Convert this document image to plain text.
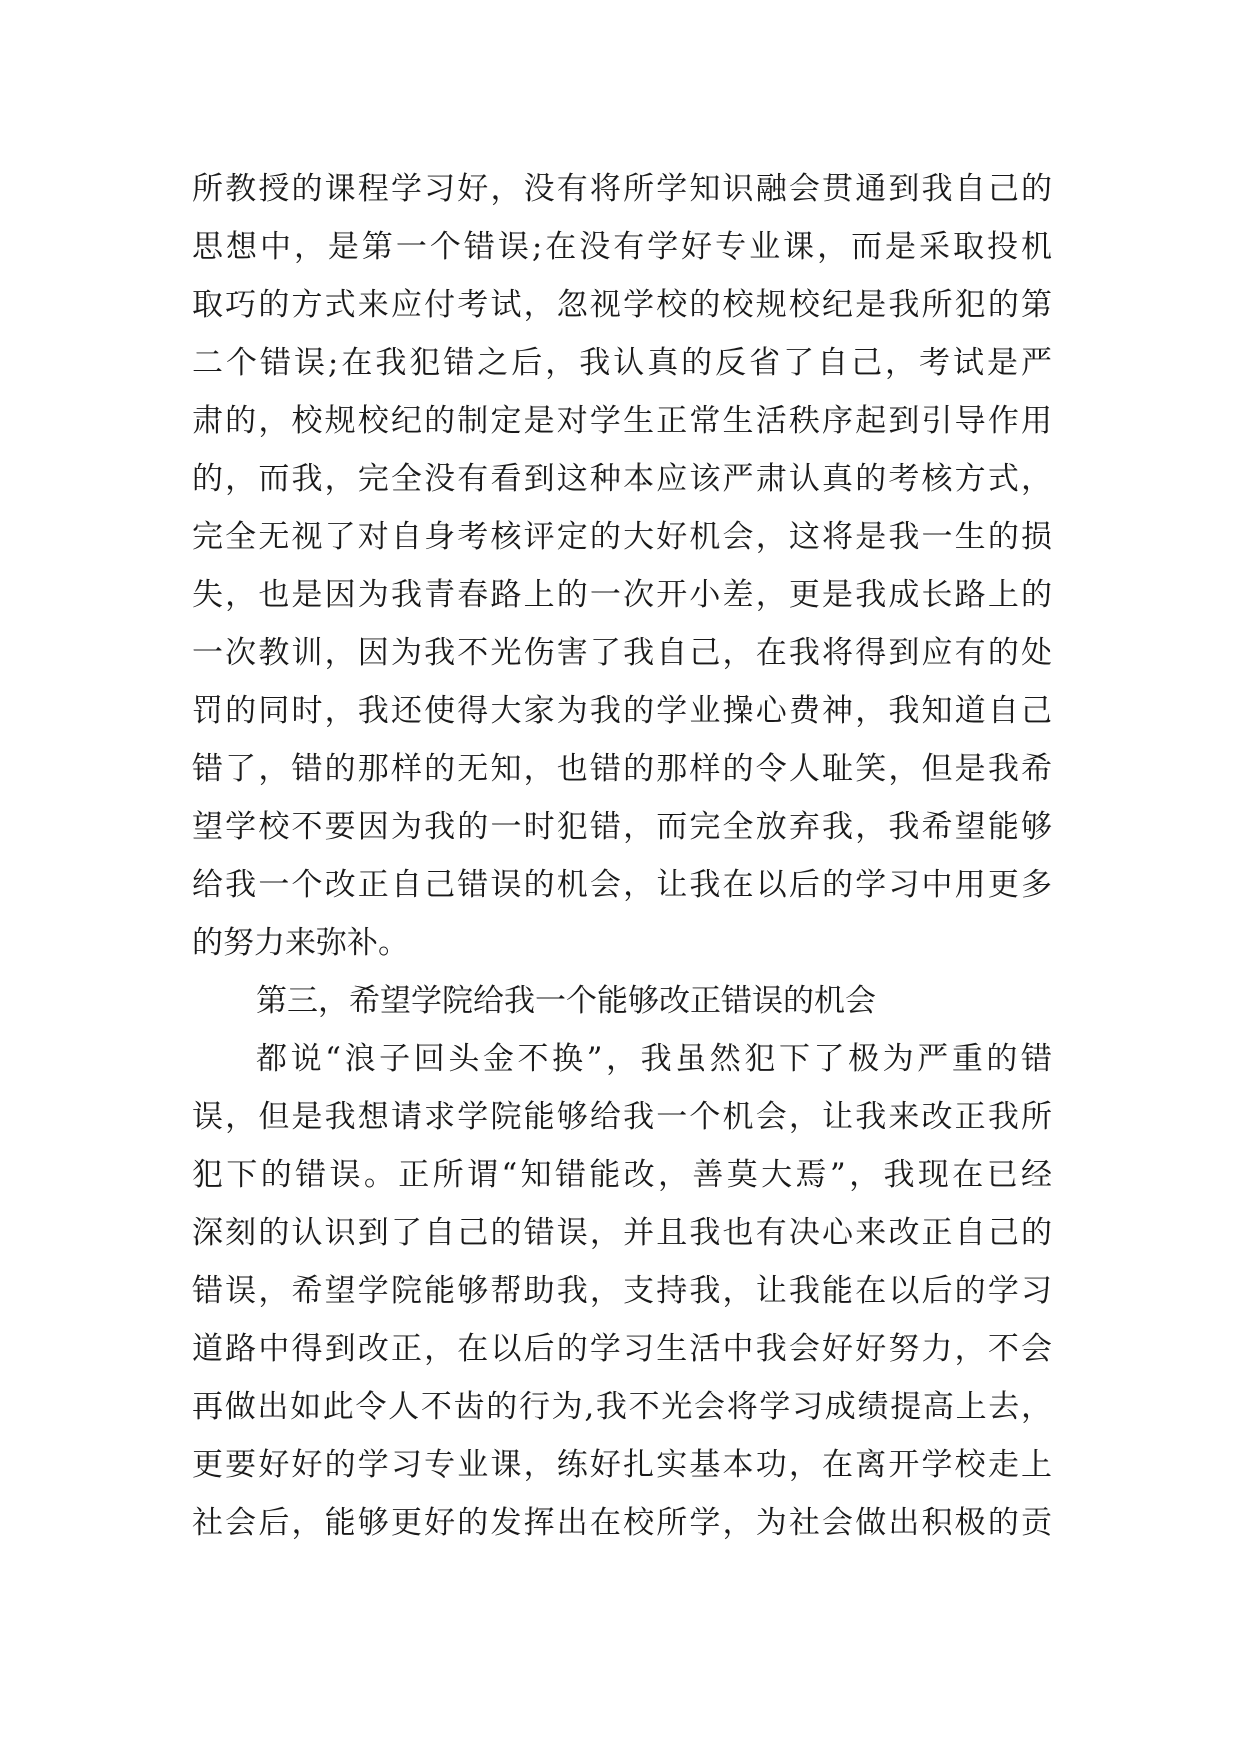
所教授的课程学习好，没有将所学知识融会贯通到我自己的
思想中，是第一个错误;在没有学好专业课，而是采取投机
取巧的方式来应付考试，忽视学校的校规校纪是我所犯的第
二个错误;在我犯错之后，我认真的反省了自己，考试是严
肃的，校规校纪的制定是对学生正常生活秩序起到引导作用
的，而我，完全没有看到这种本应该严肃认真的考核方式，
完全无视了对自身考核评定的大好机会，这将是我一生的损
失，也是因为我青春路上的一次开小差，更是我成长路上的
一次教训，因为我不光伤害了我自己，在我将得到应有的处
罚的同时，我还使得大家为我的学业操心费神，我知道自己
错了，错的那样的无知，也错的那样的令人耻笑，但是我希
望学校不要因为我的一时犯错，而完全放弃我，我希望能够
给我一个改正自己错误的机会，让我在以后的学习中用更多
的努力来弥补。
第三，希望学院给我一个能够改正错误的机会
都说“浪子回头金不换”，我虽然犯下了极为严重的错
误，但是我想请求学院能够给我一个机会，让我来改正我所
犯下的错误。正所谓“知错能改，善莫大焉”，我现在已经
深刻的认识到了自己的错误，并且我也有决心来改正自己的
错误，希望学院能够帮助我，支持我，让我能在以后的学习
道路中得到改正，在以后的学习生活中我会好好努力，不会
再做出如此令人不齿的行为,我不光会将学习成绩提高上去，
更要好好的学习专业课，练好扎实基本功，在离开学校走上
社会后，能够更好的发挥出在校所学，为社会做出积极的贡
